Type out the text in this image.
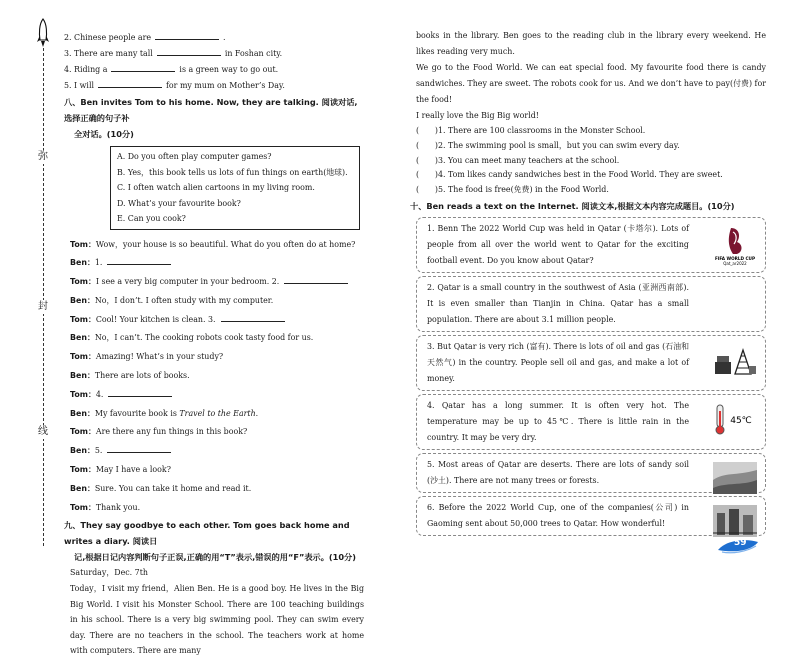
弥
封
线
2. Chinese people are	.
3. There are many tall	in Foshan city.
4. Riding a	is a green way to go out.
5. I will	for my mum on Mother’s Day.
八、Ben invites Tom to his home. Now, they are talking. 阅读对话,选择正确的句子补
全对话。(10分)
A. Do you often play computer games?
B. Yes，this book tells us lots of fun things on earth(地球).
C. I often watch alien cartoons in my living room.
D. What’s your favourite book?
E. Can you cook?
Tom：Wow，your house is so beautiful. What do you often do at home?
Ben：1.
Tom：I see a very big computer in your bedroom. 2.
Ben：No，I don’t. I often study with my computer.
Tom：Cool! Your kitchen is clean. 3.
Ben：No，I can’t. The cooking robots cook tasty food for us.
Tom：Amazing! What’s in your study?
Ben：There are lots of books.
Tom：4.
Ben：My favourite book is Travel to the Earth.
Tom：Are there any fun things in this book?
Ben：5.
Tom：May I have a look?
Ben：Sure. You can take it home and read it.
Tom：Thank you.
九、They say goodbye to each other. Tom goes back home and writes a diary. 阅读日
记,根据日记内容判断句子正误,正确的用“T”表示,错误的用“F”表示。(10分)
Saturday，Dec. 7th
Today，I visit my friend，Alien Ben. He is a good boy. He lives in the Big Big World. I visit his Monster School. There are 100 teaching buildings in his school. There is a very big swimming pool. They can swim every day. There are no teachers in the school. The teachers work at home with computers. There are many
books in the library. Ben goes to the reading club in the library every weekend. He likes reading very much.
We go to the Food World. We can eat special food. My favourite food there is candy sandwiches. They are sweet. The robots cook for us. And we don’t have to pay(付费) for the food!
I really love the Big Big world!
(　　)1. There are 100 classrooms in the Monster School.
(　　)2. The swimming pool is small，but you can swim every day.
(　　)3. You can meet many teachers at the school.
(　　)4. Tom likes candy sandwiches best in the Food World. They are sweet.
(　　)5. The food is free(免费) in the Food World.
十、Ben reads a text on the Internet. 阅读文本,根据文本内容完成题目。(10分)
1. Benn The 2022 World Cup was held in Qatar (卡塔尔). Lots of people from all over the world went to Qatar for the exciting football event. Do you know about Qatar?	FIFA WORLD CUP
Qat_ar2022
2. Qatar is a small country in the southwest of Asia (亚洲西南部). It is even smaller than Tianjin in China. Qatar has a small population. There are about 3.1 million people.
3. But Qatar is very rich (富有). There is lots of oil and gas (石油和天然气) in the country. People sell oil and gas, and make a lot of money.
4. Qatar has a long summer. It is often very hot. The temperature may be up to 45℃. There is little rain in the country. It may be very dry.
45℃
5. Most areas of Qatar are deserts. There are lots of sandy soil (沙土). There are not many trees or forests.
6. Before the 2022 World Cup, one of the companies(公司) in Gaoming sent about 50,000 trees to Qatar. How wonderful!
59
